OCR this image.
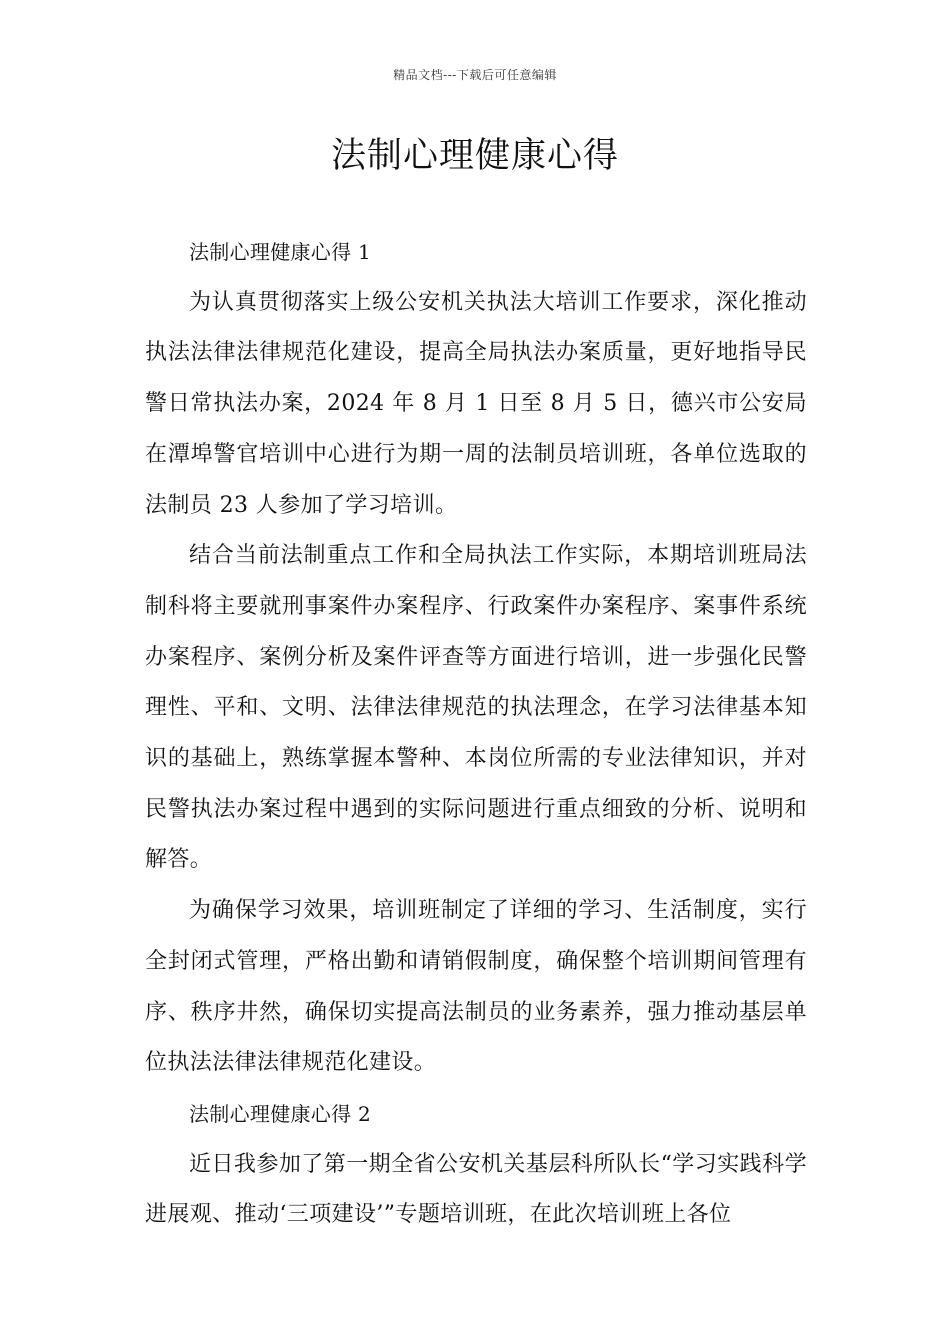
精品文档---下载后可任意编辑
法制心理健康心得

法制心理健康心得 1

为认真贯彻落实上级公安机关执法大培训工作要求，深化推动执法法律法律规范化建设，提高全局执法办案质量，更好地指导民警日常执法办案，2024 年 8 月 1 日至 8 月 5 日，德兴市公安局在潭埠警官培训中心进行为期一周的法制员培训班，各单位选取的法制员 23 人参加了学习培训。

结合当前法制重点工作和全局执法工作实际，本期培训班局法制科将主要就刑事案件办案程序、行政案件办案程序、案事件系统办案程序、案例分析及案件评查等方面进行培训，进一步强化民警理性、平和、文明、法律法律规范的执法理念，在学习法律基本知识的基础上，熟练掌握本警种、本岗位所需的专业法律知识，并对民警执法办案过程中遇到的实际问题进行重点细致的分析、说明和解答。

为确保学习效果，培训班制定了详细的学习、生活制度，实行全封闭式管理，严格出勤和请销假制度，确保整个培训期间管理有序、秩序井然，确保切实提高法制员的业务素养，强力推动基层单位执法法律法律规范化建设。

法制心理健康心得 2

近日我参加了第一期全省公安机关基层科所队长“学习实践科学进展观、推动‘三项建设’”专题培训班，在此次培训班上各位
